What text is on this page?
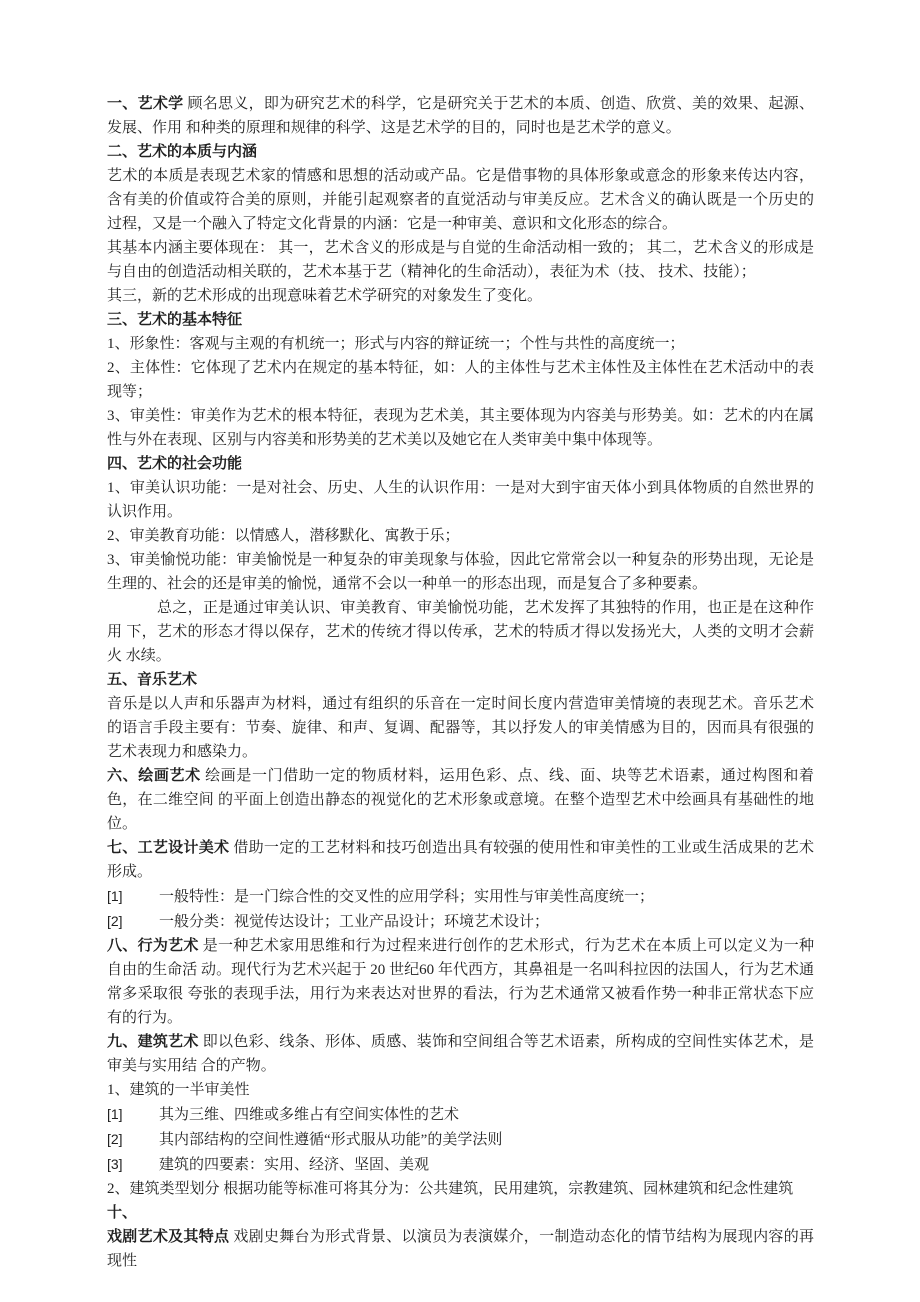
一、艺术学 顾名思义，即为研究艺术的科学，它是研究关于艺术的本质、创造、欣赏、美的效果、起源、发展、作用 和种类的原理和规律的科学、这是艺术学的目的，同时也是艺术学的意义。

二、艺术的本质与内涵

艺术的本质是表现艺术家的情感和思想的活动或产品。它是借事物的具体形象或意念的形象来传达内容， 含有美的价值或符合美的原则，并能引起观察者的直觉活动与审美反应。艺术含义的确认既是一个历史的 过程，又是一个融入了特定文化背景的内涵：它是一种审美、意识和文化形态的综合。

其基本内涵主要体现在： 其一，艺术含义的形成是与自觉的生命活动相一致的； 其二，艺术含义的形成是与自由的创造活动相关联的，艺术本基于艺（精神化的生命活动），表征为术（技、 技术、技能）；

其三，新的艺术形成的出现意味着艺术学研究的对象发生了变化。

三、艺术的基本特征

1、形象性：客观与主观的有机统一；形式与内容的辩证统一；个性与共性的高度统一；

2、主体性：它体现了艺术内在规定的基本特征，如：人的主体性与艺术主体性及主体性在艺术活动中的表 现等；

3、审美性：审美作为艺术的根本特征，表现为艺术美，其主要体现为内容美与形势美。如：艺术的内在属 性与外在表现、区别与内容美和形势美的艺术美以及她它在人类审美中集中体现等。

四、艺术的社会功能

1、审美认识功能：一是对社会、历史、人生的认识作用：一是对大到宇宙天体小到具体物质的自然世界的 认识作用。

2、审美教育功能：以情感人，潜移默化、寓教于乐；

3、审美愉悦功能：审美愉悦是一种复杂的审美现象与体验，因此它常常会以一种复杂的形势出现，无论是 生理的、社会的还是审美的愉悦，通常不会以一种单一的形态出现，而是复合了多种要素。

总之，正是通过审美认识、审美教育、审美愉悦功能，艺术发挥了其独特的作用，也正是在这种作用 下，艺术的形态才得以保存，艺术的传统才得以传承，艺术的特质才得以发扬光大，人类的文明才会薪火 水续。

五、音乐艺术

音乐是以人声和乐器声为材料，通过有组织的乐音在一定时间长度内营造审美情境的表现艺术。音乐艺术 的语言手段主要有：节奏、旋律、和声、复调、配器等，其以抒发人的审美情感为目的，因而具有很强的 艺术表现力和感染力。

六、绘画艺术 绘画是一门借助一定的物质材料，运用色彩、点、线、面、块等艺术语素，通过构图和着色，在二维空间 的平面上创造出静态的视觉化的艺术形象或意境。在整个造型艺术中绘画具有基础性的地位。

七、工艺设计美术 借助一定的工艺材料和技巧创造出具有较强的使用性和审美性的工业或生活成果的艺术形成。

[1] 一般特性：是一门综合性的交叉性的应用学科；实用性与审美性高度统一；

[2] 一般分类：视觉传达设计；工业产品设计；环境艺术设计；

八、行为艺术 是一种艺术家用思维和行为过程来进行创作的艺术形式，行为艺术在本质上可以定义为一种自由的生命活 动。现代行为艺术兴起于 20 世纪60 年代西方，其鼻祖是一名叫科拉因的法国人，行为艺术通常多采取很 夸张的表现手法，用行为来表达对世界的看法，行为艺术通常又被看作势一种非正常状态下应有的行为。

九、建筑艺术 即以色彩、线条、形体、质感、装饰和空间组合等艺术语素，所构成的空间性实体艺术，是审美与实用结 合的产物。

1、建筑的一半审美性

[1] 其为三维、四维或多维占有空间实体性的艺术

[2] 其内部结构的空间性遵循“形式服从功能”的美学法则

[3] 建筑的四要素：实用、经济、坚固、美观

2、建筑类型划分 根据功能等标准可将其分为：公共建筑，民用建筑，宗教建筑、园林建筑和纪念性建筑 十、

戏剧艺术及其特点 戏剧史舞台为形式背景、以演员为表演媒介，一制造动态化的情节结构为展现内容的再现性
